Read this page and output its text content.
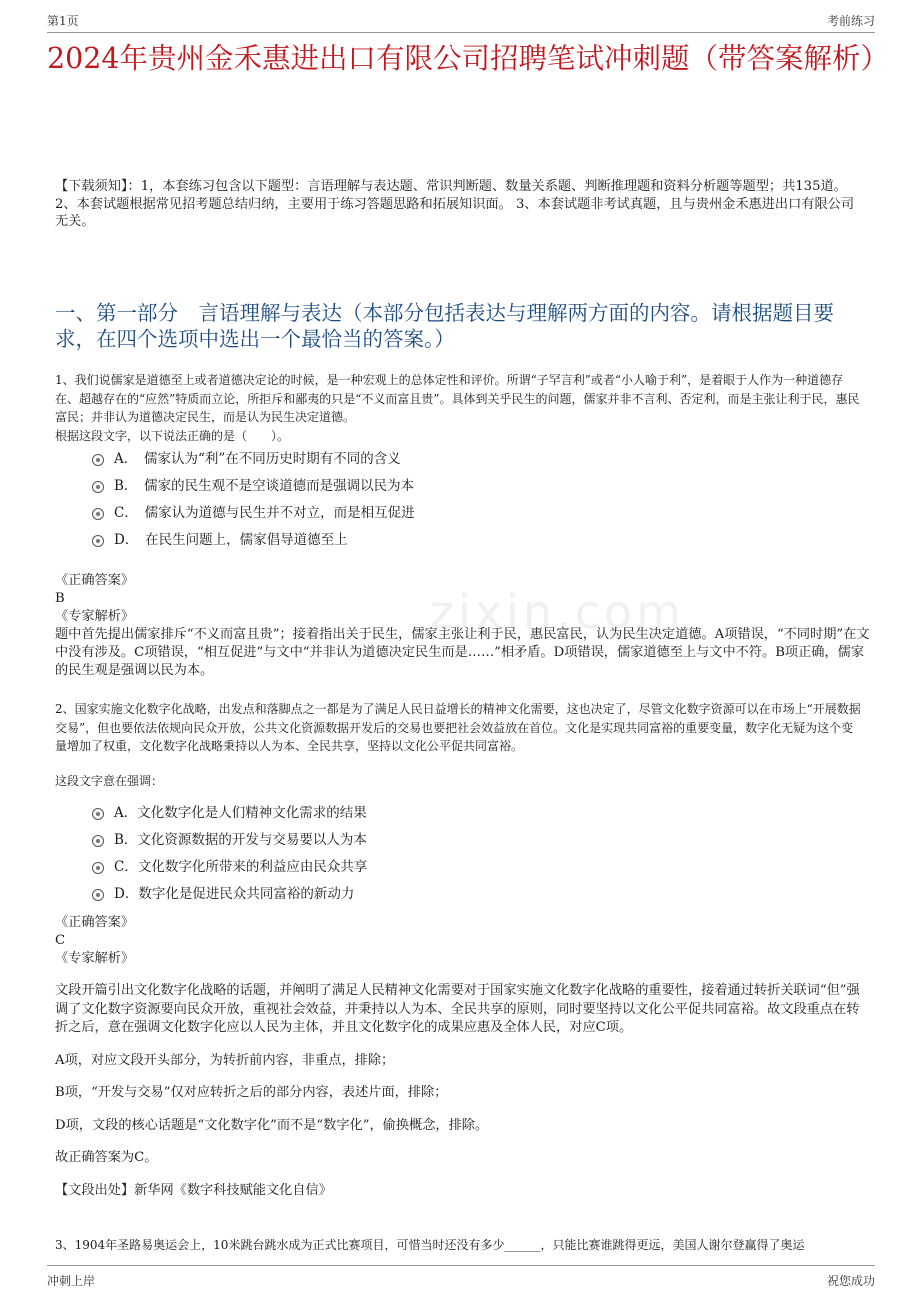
第1页	考前练习
2024年贵州金禾惠进出口有限公司招聘笔试冲刺题（带答案解析）
【下载须知】：1，本套练习包含以下题型：言语理解与表达题、常识判断题、数量关系题、判断推理题和资料分析题等题型；共135道。 2、本套试题根据常见招考题总结归纳，主要用于练习答题思路和拓展知识面。 3、本套试题非考试真题，且与贵州金禾惠进出口有限公司无关。
一、第一部分　言语理解与表达（本部分包括表达与理解两方面的内容。请根据题目要求，在四个选项中选出一个最恰当的答案。）
zixin.com
1、我们说儒家是道德至上或者道德决定论的时候，是一种宏观上的总体定性和评价。所谓“子罕言利”或者“小人喻于利”，是着眼于人作为一种道德存在、超越存在的“应然”特质而立论，所拒斥和鄙夷的只是“不义而富且贵”。具体到关乎民生的问题，儒家并非不言利、否定利，而是主张让利于民，惠民富民；并非认为道德决定民生，而是认为民生决定道德。
根据这段文字，以下说法正确的是（　　）。
A．　儒家认为“利”在不同历史时期有不同的含义
B．　儒家的民生观不是空谈道德而是强调以民为本
C．　儒家认为道德与民生并不对立，而是相互促进
D．　在民生问题上，儒家倡导道德至上
《正确答案》
B
《专家解析》
题中首先提出儒家排斥“不义而富且贵”；接着指出关于民生，儒家主张让利于民，惠民富民，认为民生决定道德。A项错误，“不同时期”在文中没有涉及。C项错误，“相互促进”与文中“并非认为道德决定民生而是……”相矛盾。D项错误，儒家道德至上与文中不符。B项正确，儒家的民生观是强调以民为本。
2、国家实施文化数字化战略，出发点和落脚点之一都是为了满足人民日益增长的精神文化需要，这也决定了，尽管文化数字资源可以在市场上“开展数据交易”，但也要依法依规向民众开放，公共文化资源数据开发后的交易也要把社会效益放在首位。文化是实现共同富裕的重要变量，数字化无疑为这个变量增加了权重，文化数字化战略秉持以人为本、全民共享，坚持以文化公平促共同富裕。
这段文字意在强调：
A．文化数字化是人们精神文化需求的结果
B．文化资源数据的开发与交易要以人为本
C．文化数字化所带来的利益应由民众共享
D．数字化是促进民众共同富裕的新动力
《正确答案》
C
《专家解析》

文段开篇引出文化数字化战略的话题，并阐明了满足人民精神文化需要对于国家实施文化数字化战略的重要性，接着通过转折关联词“但”强调了文化数字资源要向民众开放，重视社会效益，并秉持以人为本、全民共享的原则，同时要坚持以文化公平促共同富裕。故文段重点在转折之后，意在强调文化数字化应以人民为主体，并且文化数字化的成果应惠及全体人民，对应C项。

A项，对应文段开头部分，为转折前内容，非重点，排除；

B项，“开发与交易”仅对应转折之后的部分内容，表述片面，排除；

D项，文段的核心话题是“文化数字化”而不是“数字化”，偷换概念，排除。

故正确答案为C。

【文段出处】新华网《数字科技赋能文化自信》

3、1904年圣路易奥运会上，10米跳台跳水成为正式比赛项目，可惜当时还没有多少______，只能比赛谁跳得更远，美国人谢尔登赢得了奥运
冲刺上岸	祝您成功
